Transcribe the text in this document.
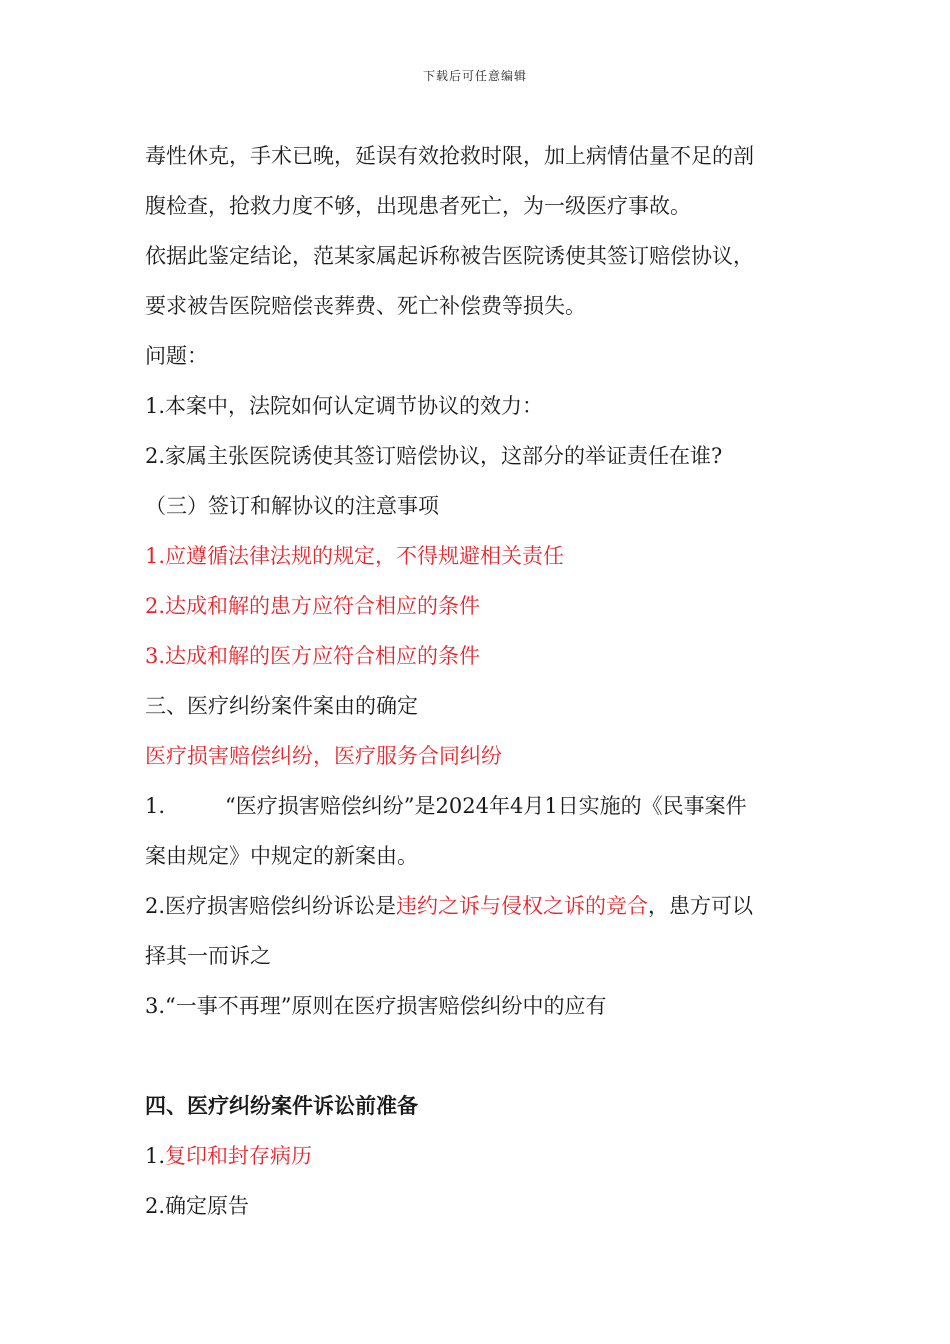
下载后可任意编辑
毒性休克，手术已晚，延误有效抢救时限，加上病情估量不足的剖
腹检查，抢救力度不够，出现患者死亡，为一级医疗事故。
依据此鉴定结论，范某家属起诉称被告医院诱使其签订赔偿协议，
要求被告医院赔偿丧葬费、死亡补偿费等损失。
问题：
1.本案中，法院如何认定调节协议的效力：
2.家属主张医院诱使其签订赔偿协议，这部分的举证责任在谁?
（三）签订和解协议的注意事项
1.应遵循法律法规的规定，不得规避相关责任
2.达成和解的患方应符合相应的条件
3.达成和解的医方应符合相应的条件
三、医疗纠纷案件案由的确定
医疗损害赔偿纠纷，医疗服务合同纠纷
1.	“医疗损害赔偿纠纷”是2024年4月1日实施的《民事案件
案由规定》中规定的新案由。
2.医疗损害赔偿纠纷诉讼是违约之诉与侵权之诉的竞合，患方可以
择其一而诉之
3.“一事不再理”原则在医疗损害赔偿纠纷中的应有
四、医疗纠纷案件诉讼前准备
1.复印和封存病历
2.确定原告
